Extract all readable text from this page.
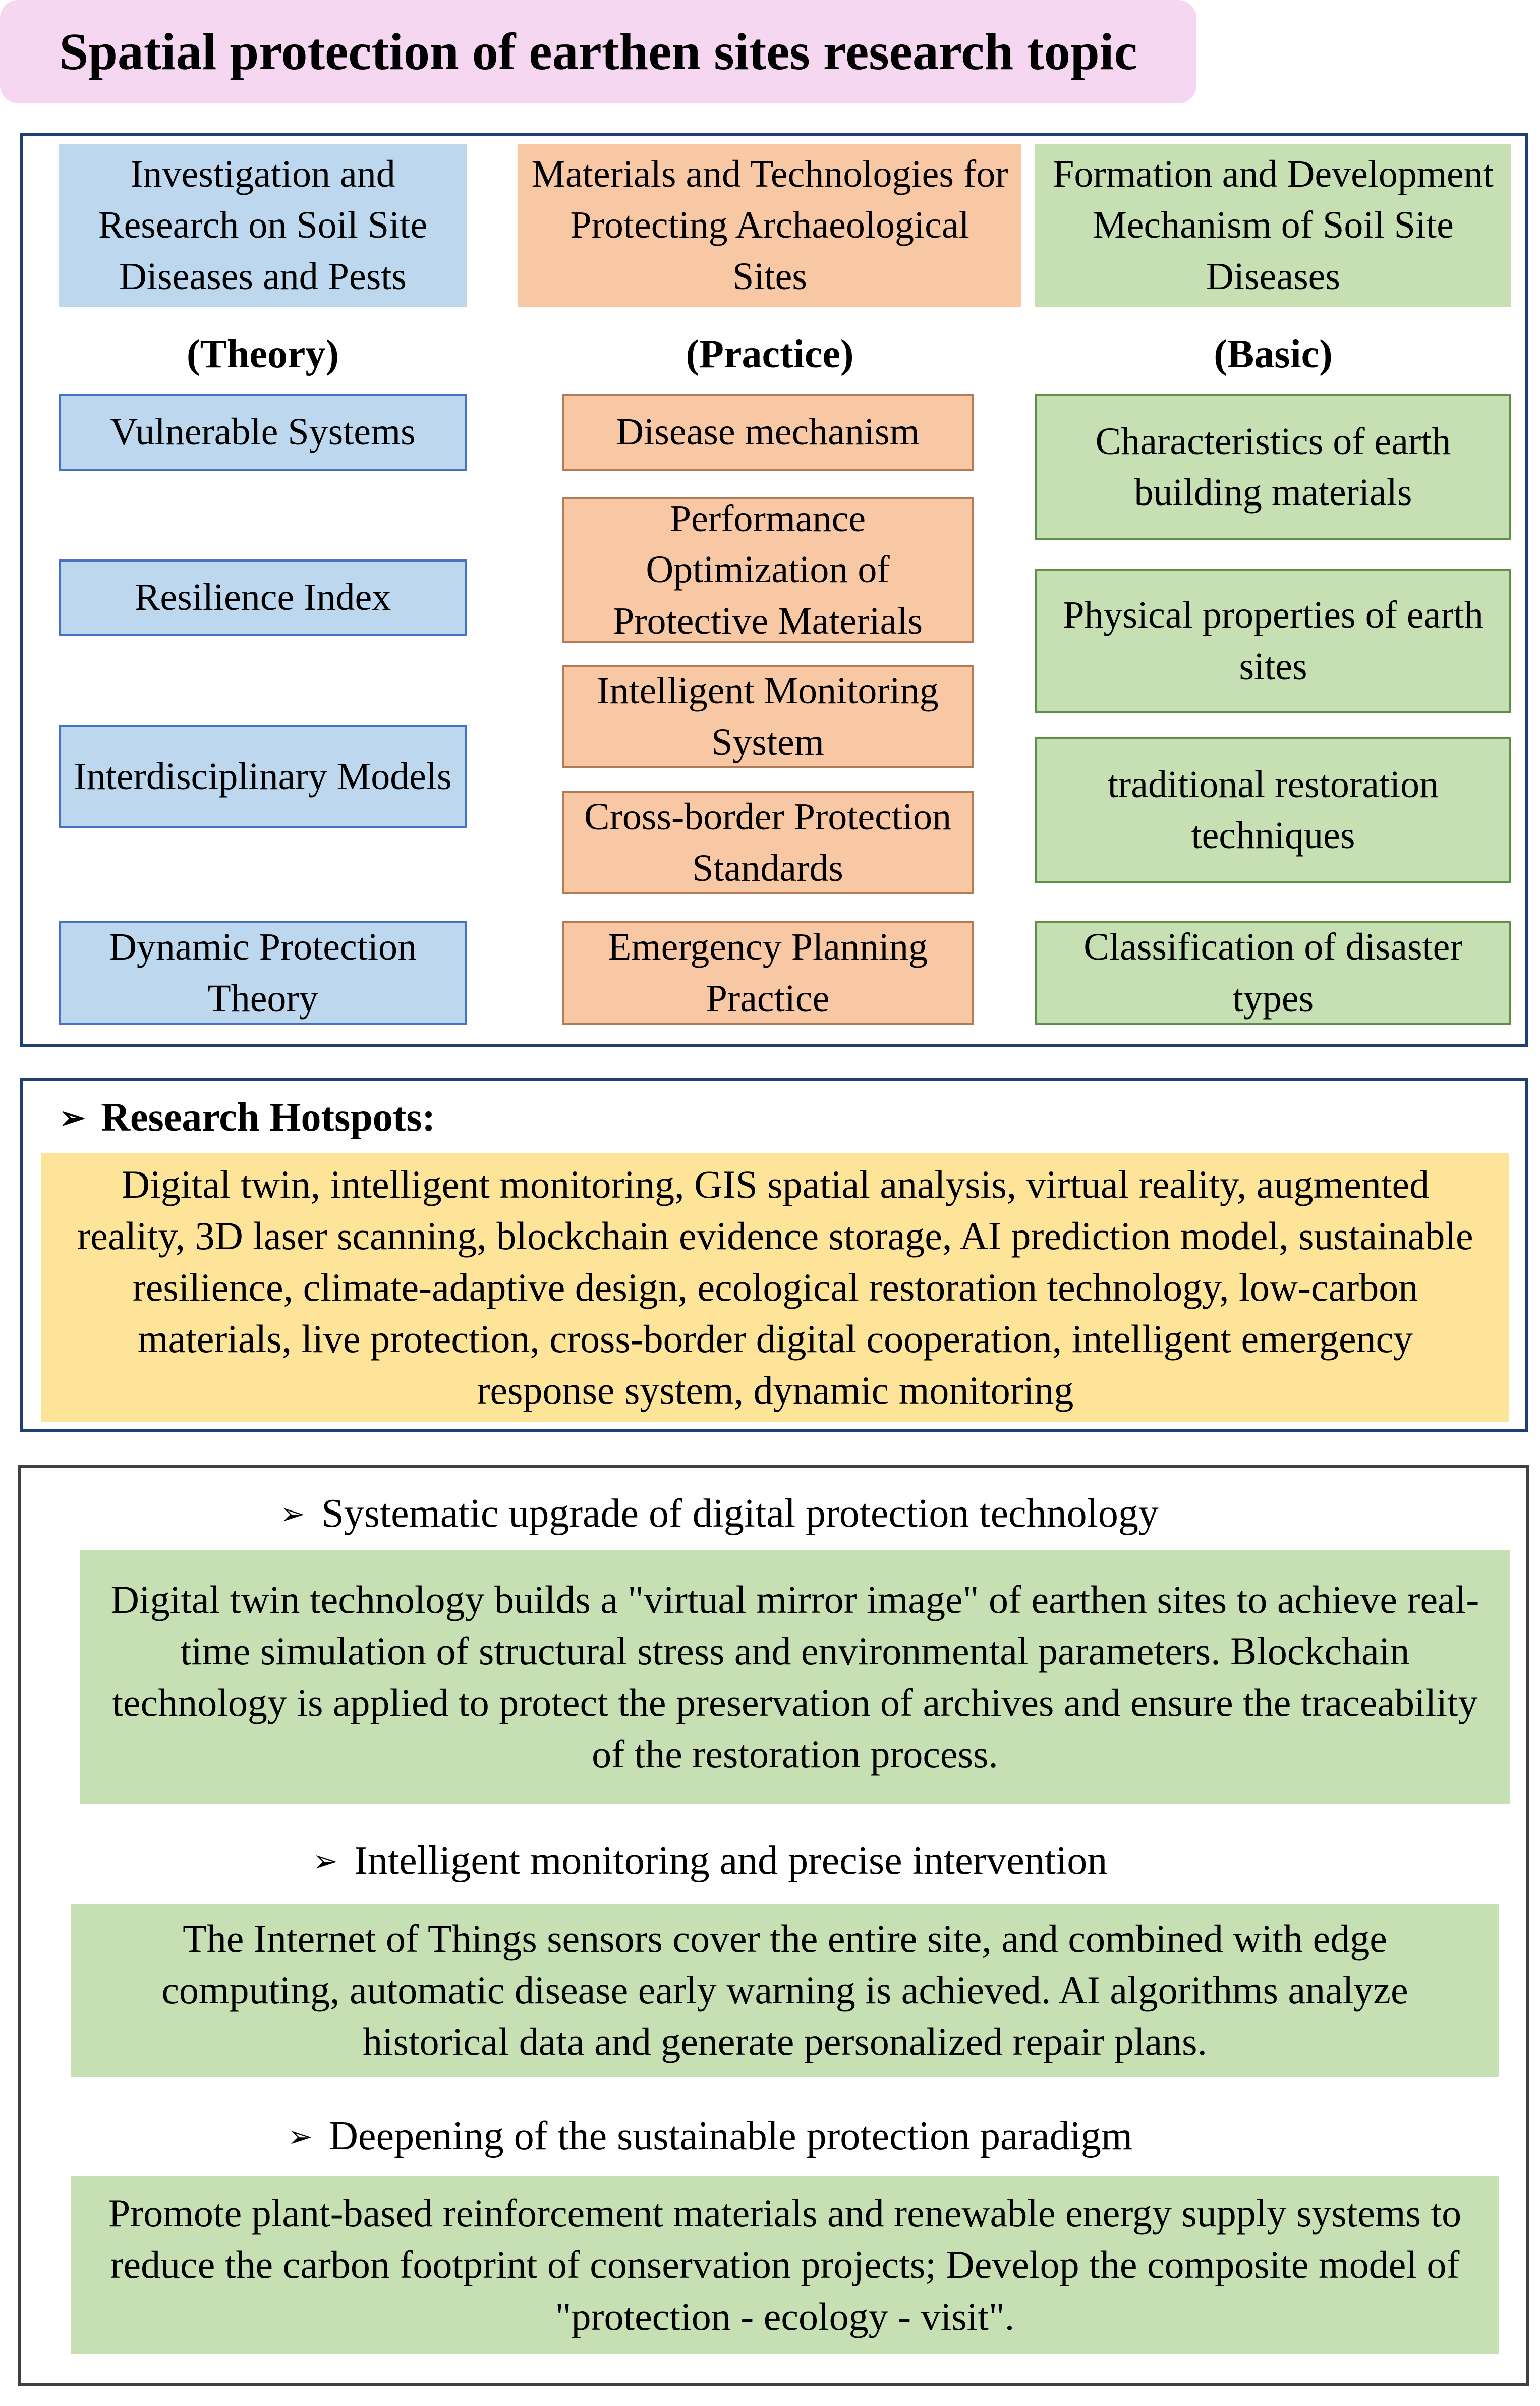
Spatial protection of earthen sites research topic
Investigation and Research on Soil Site Diseases and Pests
(Theory)
Vulnerable Systems
Resilience Index
Interdisciplinary Models
Dynamic Protection Theory
Materials and Technologies for Protecting Archaeological Sites
(Practice)
Disease mechanism
Performance Optimization of Protective Materials
Intelligent Monitoring System
Cross-border Protection Standards
Emergency Planning Practice
Formation and Development Mechanism of Soil Site Diseases
(Basic)
Characteristics of earth building materials
Physical properties of earth sites
traditional restoration techniques
Classification of disaster types
➢ Research Hotspots:
Digital twin, intelligent monitoring, GIS spatial analysis, virtual reality, augmented reality, 3D laser scanning, blockchain evidence storage, AI prediction model, sustainable resilience, climate-adaptive design, ecological restoration technology, low-carbon materials, live protection, cross-border digital cooperation, intelligent emergency response system, dynamic monitoring
➢ Systematic upgrade of digital protection technology
Digital twin technology builds a "virtual mirror image" of earthen sites to achieve real-time simulation of structural stress and environmental parameters. Blockchain technology is applied to protect the preservation of archives and ensure the traceability of the restoration process.
➢ Intelligent monitoring and precise intervention
The Internet of Things sensors cover the entire site, and combined with edge computing, automatic disease early warning is achieved. AI algorithms analyze historical data and generate personalized repair plans.
➢ Deepening of the sustainable protection paradigm
Promote plant-based reinforcement materials and renewable energy supply systems to reduce the carbon footprint of conservation projects; Develop the composite model of "protection - ecology - visit".
